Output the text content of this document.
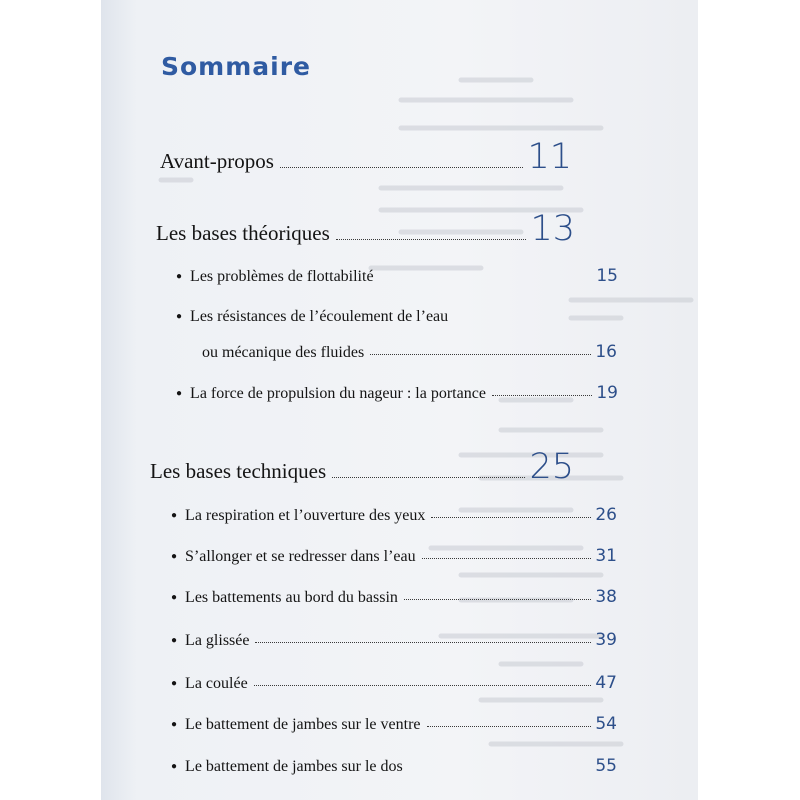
Sommaire
Avant-propos	11
Les bases théoriques	13
● Les problèmes de flottabilité	15
● Les résistances de l’écoulement de l’eau
ou mécanique des fluides	16
● La force de propulsion du nageur : la portance	19
Les bases techniques	25
● La respiration et l’ouverture des yeux	26
● S’allonger et se redresser dans l’eau	31
● Les battements au bord du bassin	38
● La glissée	39
● La coulée	47
● Le battement de jambes sur le ventre	54
● Le battement de jambes sur le dos	55
